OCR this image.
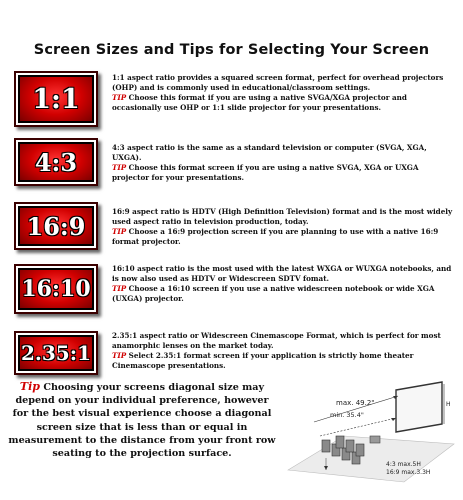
Screen Sizes and Tips for Selecting Your Screen
1:1
1:1 aspect ratio provides a squared screen format, perfect for overhead projectors (OHP) and is commonly used in educational/classroom settings.
TIP Choose this format if you are using a native SVGA/XGA projector and occasionally use OHP or 1:1 slide projector for your presentations.
4:3	4:3 aspect ratio is the same as a standard television or computer (SVGA, XGA, UXGA).
TIP Choose this format screen if you are using a native SVGA, XGA or UXGA projector for your presentations.
16:9	16:9 aspect ratio is HDTV (High Definition Television) format and is the most widely used aspect ratio in television production, today.
TIP Choose a 16:9 projection screen if you are planning to use with a native 16:9 format projector.
16:10
16:10 aspect ratio is the most used with the latest WXGA or WUXGA notebooks, and is now also used as HDTV or Widescreen SDTV fomat.
TIP Choose a 16:10 screen if you use a native widescreen notebook or wide XGA (UXGA) projector.
2.35:1
2.35:1 aspect ratio or Widescreen Cinemascope Format, which is perfect for most anamorphic lenses on the market today.
TIP Select 2.35:1 format screen if your application is strictly home theater Cinemascope presentations.
Tip Choosing your screens diagonal size may depend on your individual preference, however for the best visual experience choose a diagonal screen size that is less than or equal in measurement to the distance from your front row seating to the projection surface.
H
max. 49.2"
min. 35.4"
4:3 max.5H
16:9 max.3.3H
